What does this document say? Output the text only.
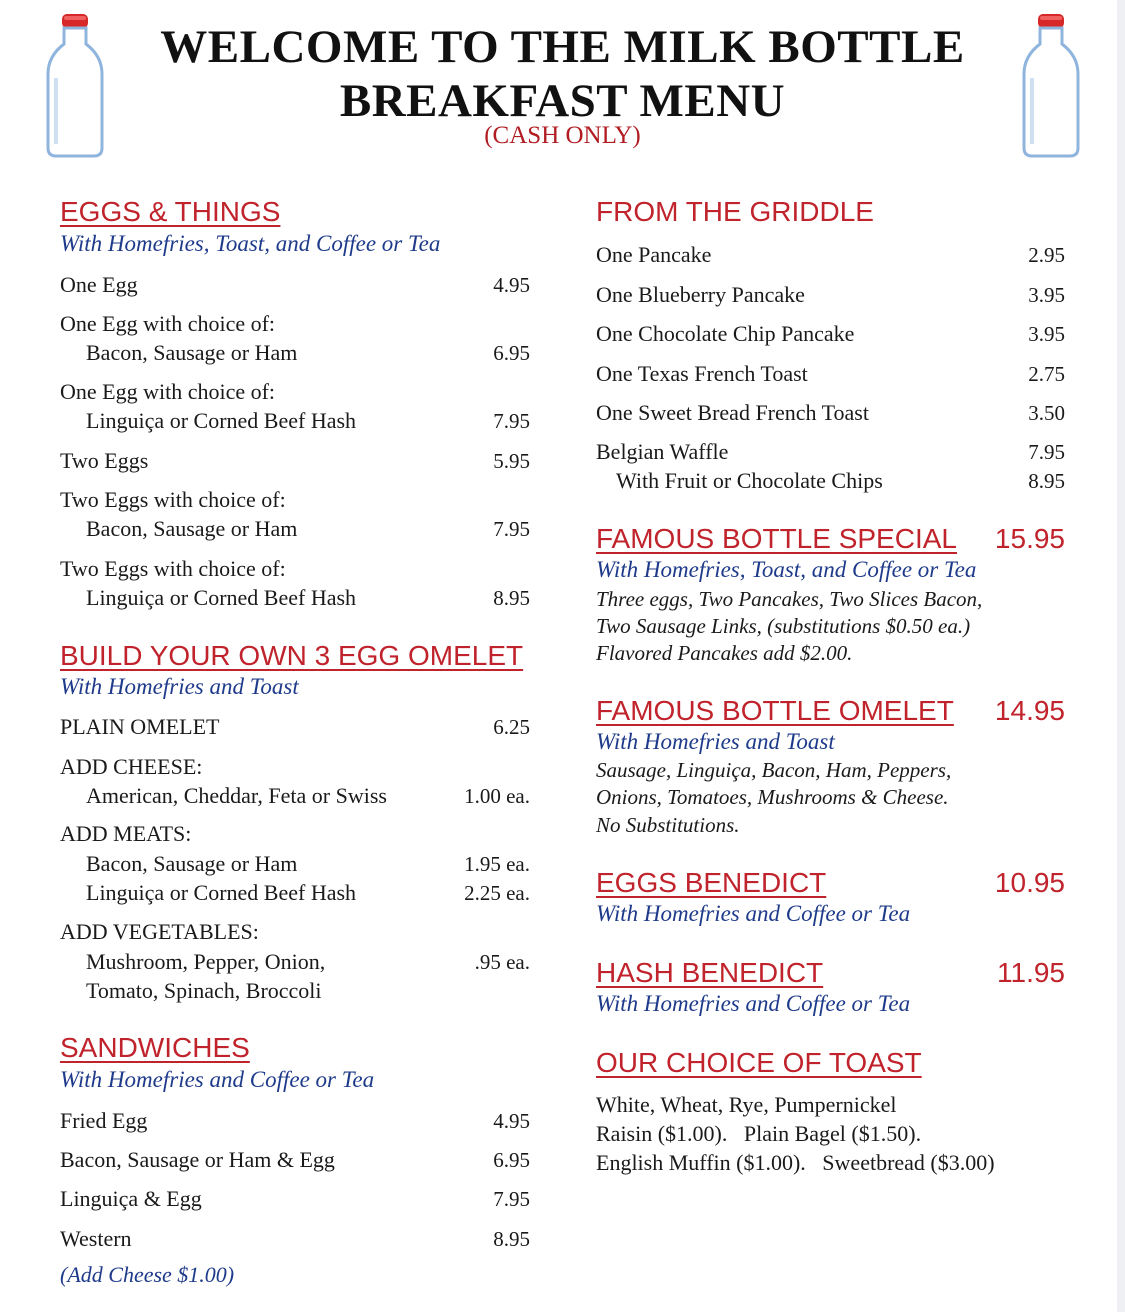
WELCOME TO THE MILK BOTTLE
BREAKFAST MENU
(CASH ONLY)
EGGS & THINGS
With Homefries, Toast, and Coffee or Tea
One Egg	4.95
One Egg with choice of:
Bacon, Sausage or Ham	6.95
One Egg with choice of:
Linguiça or Corned Beef Hash	7.95
Two Eggs	5.95
Two Eggs with choice of:
Bacon, Sausage or Ham	7.95
Two Eggs with choice of:
Linguiça or Corned Beef Hash	8.95
BUILD YOUR OWN 3 EGG OMELET
With Homefries and Toast
PLAIN OMELET	6.25
ADD CHEESE:
American, Cheddar, Feta or Swiss	1.00 ea.
ADD MEATS:
Bacon, Sausage or Ham	1.95 ea.
Linguiça or Corned Beef Hash	2.25 ea.
ADD VEGETABLES:
Mushroom, Pepper, Onion,	.95 ea.
Tomato, Spinach, Broccoli
SANDWICHES
With Homefries and Coffee or Tea
Fried Egg	4.95
Bacon, Sausage or Ham & Egg	6.95
Linguiça & Egg	7.95
Western	8.95
(Add Cheese $1.00)
FROM THE GRIDDLE
One Pancake	2.95
One Blueberry Pancake	3.95
One Chocolate Chip Pancake	3.95
One Texas French Toast	2.75
One Sweet Bread French Toast	3.50
Belgian Waffle	7.95
With Fruit or Chocolate Chips	8.95
FAMOUS BOTTLE SPECIAL	15.95
With Homefries, Toast, and Coffee or Tea
Three eggs, Two Pancakes, Two Slices Bacon,
Two Sausage Links, (substitutions $0.50 ea.)
Flavored Pancakes add $2.00.
FAMOUS BOTTLE OMELET	14.95
With Homefries and Toast
Sausage, Linguiça, Bacon, Ham, Peppers,
Onions, Tomatoes, Mushrooms & Cheese.
No Substitutions.
EGGS BENEDICT	10.95
With Homefries and Coffee or Tea
HASH BENEDICT	11.95
With Homefries and Coffee or Tea
OUR CHOICE OF TOAST
White, Wheat, Rye, Pumpernickel
Raisin ($1.00).   Plain Bagel ($1.50).
English Muffin ($1.00).   Sweetbread ($3.00)
